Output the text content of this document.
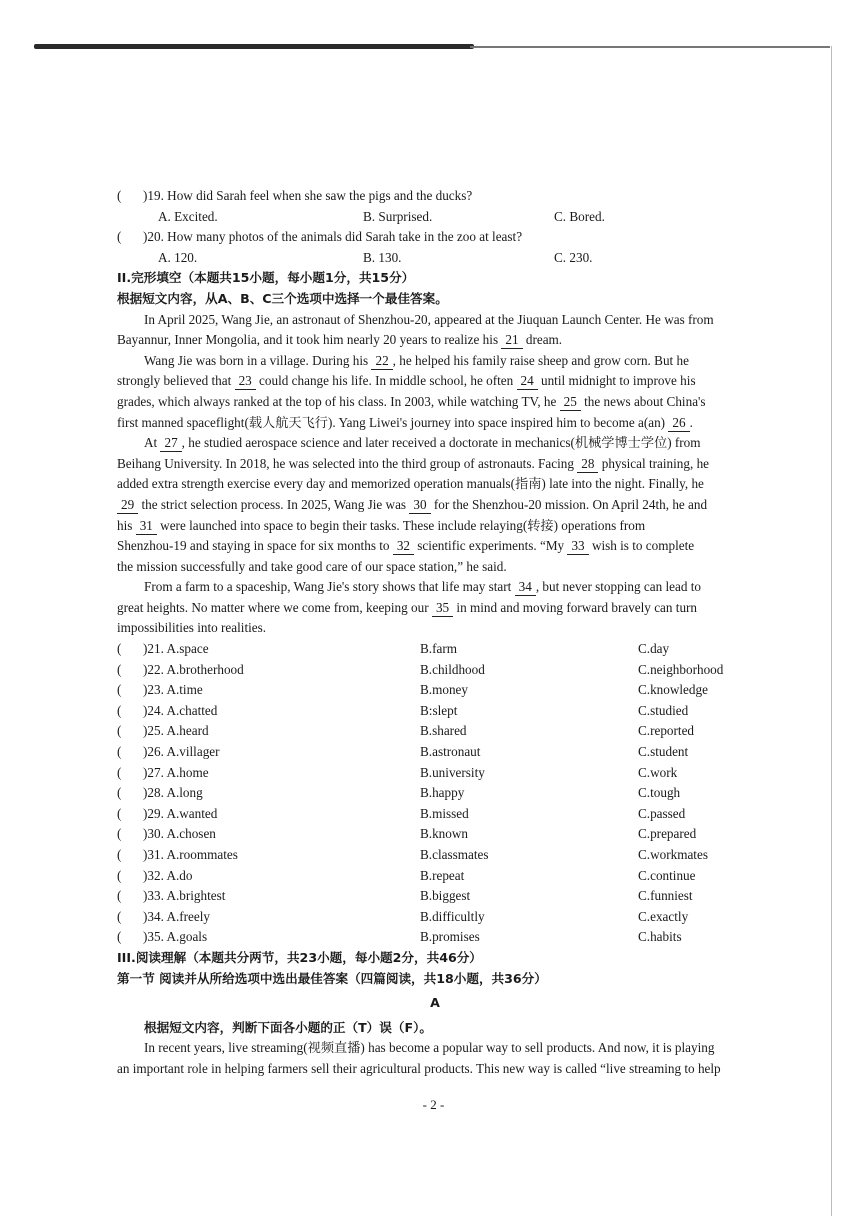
( )19. How did Sarah feel when she saw the pigs and the ducks?
A. Excited.	B. Surprised.	C. Bored.
( )20. How many photos of the animals did Sarah take in the zoo at least?
A. 120.	B. 130.	C. 230.
II.完形填空（本题共15小题，每小题1分，共15分）
根据短文内容，从A、B、C三个选项中选择一个最佳答案。
In April 2025, Wang Jie, an astronaut of Shenzhou-20, appeared at the Jiuquan Launch Center. He was from
Bayannur, Inner Mongolia, and it took him nearly 20 years to realize his 21 dream.
Wang Jie was born in a village. During his 22 , he helped his family raise sheep and grow corn. But he
strongly believed that 23 could change his life. In middle school, he often 24 until midnight to improve his
grades, which always ranked at the top of his class. In 2003, while watching TV, he 25 the news about China's
first manned spaceflight(载人航天飞行). Yang Liwei's journey into space inspired him to become a(an) 26 .
At 27 , he studied aerospace science and later received a doctorate in mechanics(机械学博士学位) from
Beihang University. In 2018, he was selected into the third group of astronauts. Facing 28 physical training, he
added extra strength exercise every day and memorized operation manuals(指南) late into the night. Finally, he
29 the strict selection process. In 2025, Wang Jie was 30 for the Shenzhou-20 mission. On April 24th, he and
his 31 were launched into space to begin their tasks. These include relaying(转接) operations from
Shenzhou-19 and staying in space for six months to 32 scientific experiments. “My 33 wish is to complete
the mission successfully and take good care of our space station,” he said.
From a farm to a spaceship, Wang Jie's story shows that life may start 34 , but never stopping can lead to
great heights. No matter where we come from, keeping our 35 in mind and moving forward bravely can turn
impossibilities into realities.
( )21. A.space	B.farm	C.day
( )22. A.brotherhood	B.childhood	C.neighborhood
( )23. A.time	B.money	C.knowledge
( )24. A.chatted	B:slept	C.studied
( )25. A.heard	B.shared	C.reported
( )26. A.villager	B.astronaut	C.student
( )27. A.home	B.university	C.work
( )28. A.long	B.happy	C.tough
( )29. A.wanted	B.missed	C.passed
( )30. A.chosen	B.known	C.prepared
( )31. A.roommates	B.classmates	C.workmates
( )32. A.do	B.repeat	C.continue
( )33. A.brightest	B.biggest	C.funniest
( )34. A.freely	B.difficultly	C.exactly
( )35. A.goals	B.promises	C.habits
III.阅读理解（本题共分两节，共23小题，每小题2分，共46分）
第一节 阅读并从所给选项中选出最佳答案（四篇阅读，共18小题，共36分）
A
根据短文内容，判断下面各小题的正（T）误（F）。
In recent years, live streaming(视频直播) has become a popular way to sell products. And now, it is playing
an important role in helping farmers sell their agricultural products. This new way is called “live streaming to help
- 2 -
